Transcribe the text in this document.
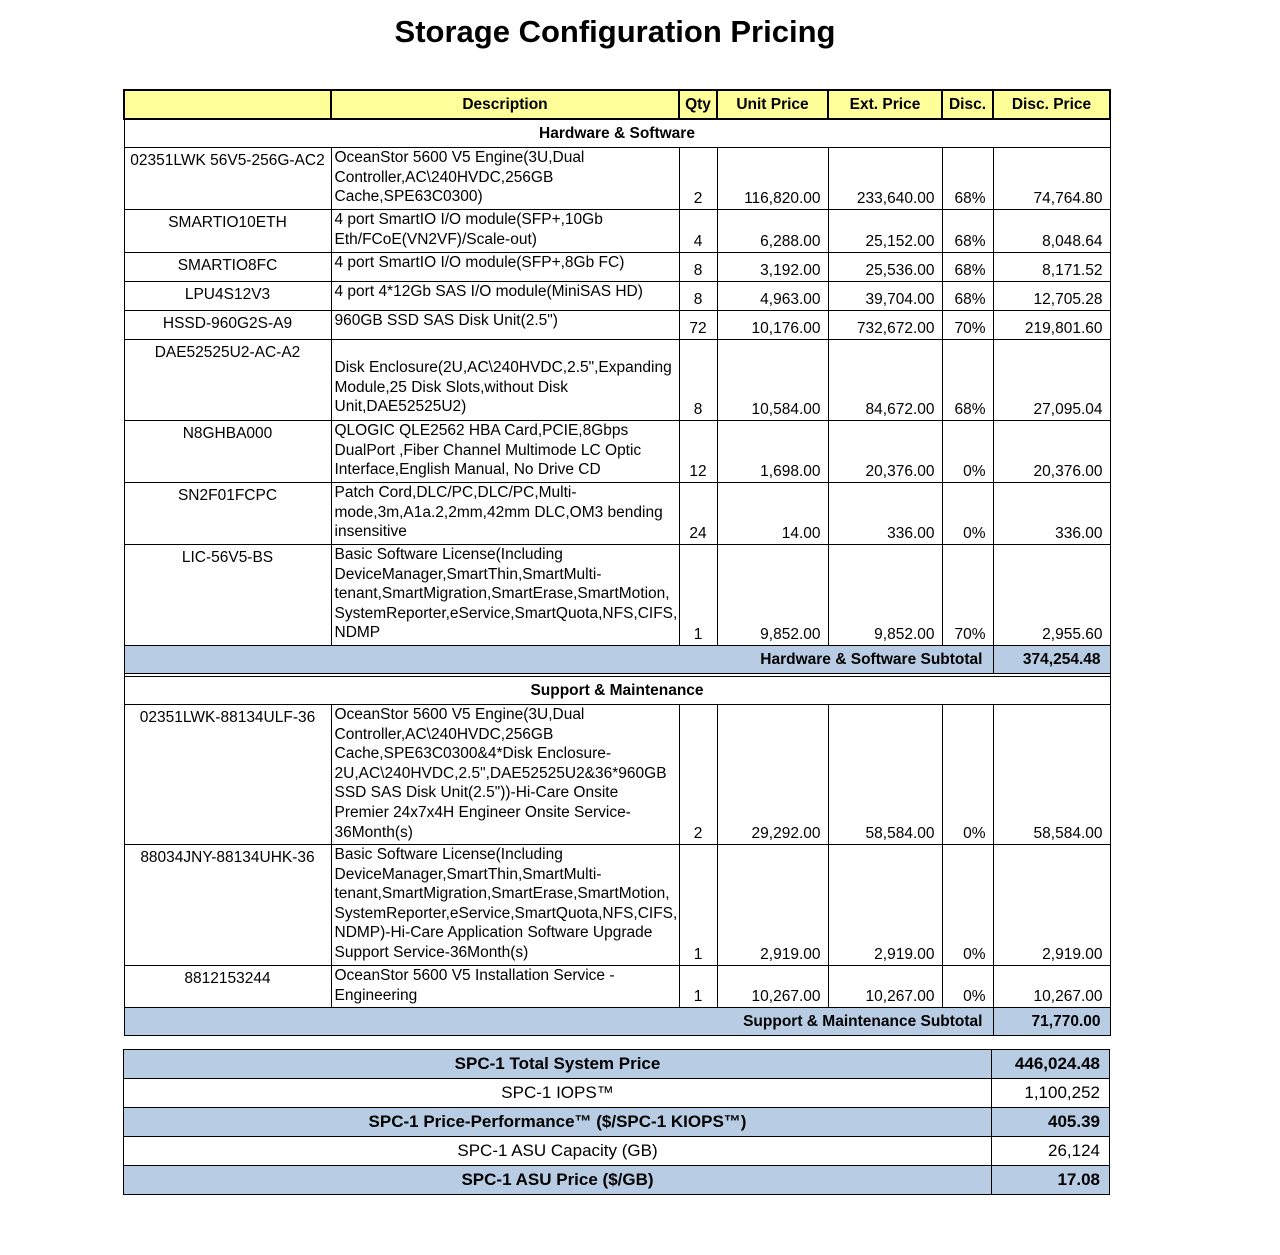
Storage Configuration Pricing
	Description	Qty	Unit Price	Ext. Price	Disc.	Disc. Price
Hardware & Software						
02351LWK 56V5-256G-AC2	OceanStor 5600 V5 Engine(3U,Dual Controller,AC\240HVDC,256GB Cache,SPE63C0300)	2	116,820.00	233,640.00	68%	74,764.80
SMARTIO10ETH	4 port SmartIO I/O module(SFP+,10Gb Eth/FCoE(VN2VF)/Scale-out)	4	6,288.00	25,152.00	68%	8,048.64
SMARTIO8FC	4 port SmartIO I/O module(SFP+,8Gb FC)	8	3,192.00	25,536.00	68%	8,171.52
LPU4S12V3	4 port 4*12Gb SAS I/O module(MiniSAS HD)	8	4,963.00	39,704.00	68%	12,705.28
HSSD-960G2S-A9	960GB SSD SAS Disk Unit(2.5")	72	10,176.00	732,672.00	70%	219,801.60
DAE52525U2-AC-A2	Disk Enclosure(2U,AC\240HVDC,2.5",Expanding Module,25 Disk Slots,without Disk Unit,DAE52525U2)	8	10,584.00	84,672.00	68%	27,095.04
N8GHBA000	QLOGIC QLE2562 HBA Card,PCIE,8Gbps DualPort ,Fiber Channel Multimode LC Optic Interface,English Manual, No Drive CD	12	1,698.00	20,376.00	0%	20,376.00
SN2F01FCPC	Patch Cord,DLC/PC,DLC/PC,Multi-mode,3m,A1a.2,2mm,42mm DLC,OM3 bending insensitive	24	14.00	336.00	0%	336.00
LIC-56V5-BS	Basic Software License(Including DeviceManager,SmartThin,SmartMulti-tenant,SmartMigration,SmartErase,SmartMotion, SystemReporter,eService,SmartQuota,NFS,CIFS, NDMP	1	9,852.00	9,852.00	70%	2,955.60
Hardware & Software Subtotal						374,254.48

Support & Maintenance						
02351LWK-88134ULF-36	OceanStor 5600 V5 Engine(3U,Dual Controller,AC\240HVDC,256GB Cache,SPE63C0300&4*Disk Enclosure-2U,AC\240HVDC,2.5",DAE52525U2&36*960GB SSD SAS Disk Unit(2.5"))-Hi-Care Onsite Premier 24x7x4H Engineer Onsite Service-36Month(s)	2	29,292.00	58,584.00	0%	58,584.00
88034JNY-88134UHK-36	Basic Software License(Including DeviceManager,SmartThin,SmartMulti-tenant,SmartMigration,SmartErase,SmartMotion, SystemReporter,eService,SmartQuota,NFS,CIFS, NDMP)-Hi-Care Application Software Upgrade Support Service-36Month(s)	1	2,919.00	2,919.00	0%	2,919.00
8812153244	OceanStor 5600 V5 Installation Service - Engineering	1	10,267.00	10,267.00	0%	10,267.00
Support & Maintenance Subtotal						71,770.00
SPC-1 Total System Price	446,024.48
SPC-1 IOPS™	1,100,252
SPC-1 Price-Performance™ ($/SPC-1 KIOPS™)	405.39
SPC-1 ASU Capacity (GB)	26,124
SPC-1 ASU Price ($/GB)	17.08
